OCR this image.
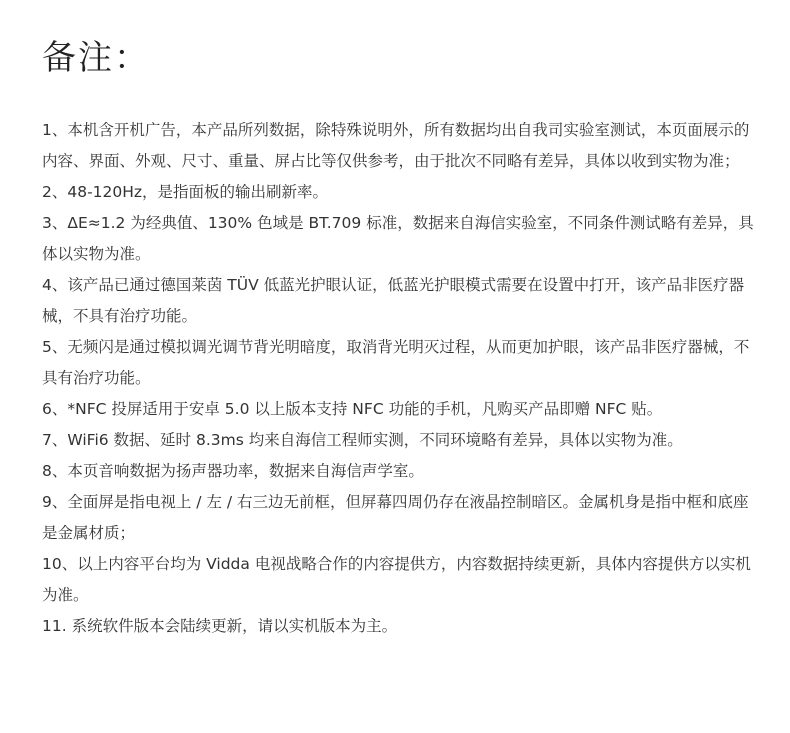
备注：
1、本机含开机广告，本产品所列数据，除特殊说明外，所有数据均出自我司实验室测试，本页面展示的内容、界面、外观、尺寸、重量、屏占比等仅供参考，由于批次不同略有差异，具体以收到实物为准；
2、48-120Hz，是指面板的输出刷新率。
3、ΔE≈1.2 为经典值、130% 色域是 BT.709 标准，数据来自海信实验室，不同条件测试略有差异，具体以实物为准。
4、该产品已通过德国莱茵 TÜV 低蓝光护眼认证，低蓝光护眼模式需要在设置中打开，该产品非医疗器械，不具有治疗功能。
5、无频闪是通过模拟调光调节背光明暗度，取消背光明灭过程，从而更加护眼，该产品非医疗器械，不具有治疗功能。
6、*NFC 投屏适用于安卓 5.0 以上版本支持 NFC 功能的手机，凡购买产品即赠 NFC 贴。
7、WiFi6 数据、延时 8.3ms 均来自海信工程师实测，不同环境略有差异，具体以实物为准。
8、本页音响数据为扬声器功率，数据来自海信声学室。
9、全面屏是指电视上 / 左 / 右三边无前框，但屏幕四周仍存在液晶控制暗区。金属机身是指中框和底座是金属材质；
10、以上内容平台均为 Vidda 电视战略合作的内容提供方，内容数据持续更新，具体内容提供方以实机为准。
11. 系统软件版本会陆续更新，请以实机版本为主。
